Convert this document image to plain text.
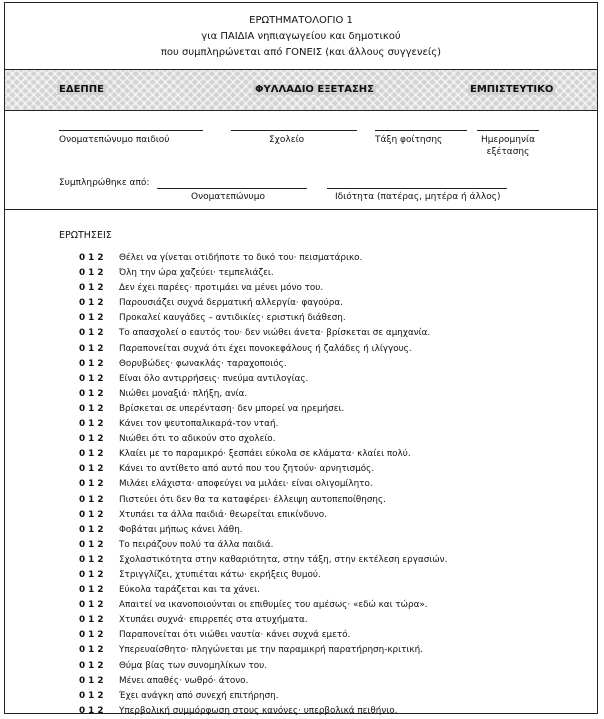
ΕΡΩΤΗΜΑΤΟΛΟΓΙΟ 1
για ΠΑΙΔΙΑ νηπιαγωγείου και δημοτικού
που συμπληρώνεται από ΓΟΝΕΙΣ (και άλλους συγγενείς)
ΕΔΕΠΠΕ	ΦΥΛΛΑΔΙΟ ΕΞΕΤΑΣΗΣ	ΕΜΠΙΣΤΕΥΤΙΚΟ
Ονοματεπώνυμο παιδιού	Σχολείο	Τάξη φοίτησης	Ημερομηνία
εξέτασης
Συμπληρώθηκε από:
Ονοματεπώνυμο	Ιδιότητα (πατέρας, μητέρα ή άλλος)
ΕΡΩΤΗΣΕΙΣ
0 1 2 Θέλει να γίνεται οτιδήποτε το δικό του· πεισματάρικο.
0 1 2 Όλη την ώρα χαζεύει· τεμπελιάζει.
0 1 2 Δεν έχει παρέες· προτιμάει να μένει μόνο του.
0 1 2 Παρουσιάζει συχνά δερματική αλλεργία· φαγούρα.
0 1 2 Προκαλεί καυγάδες – αντιδικίες· εριστική διάθεση.
0 1 2 Το απασχολεί ο εαυτός του· δεν νιώθει άνετα· βρίσκεται σε αμηχανία.
0 1 2 Παραπονείται συχνά ότι έχει πονοκεφάλους ή ζαλάδες ή ιλίγγους.
0 1 2 Θορυβώδες· φωνακλάς· ταραχοποιός.
0 1 2 Είναι όλο αντιρρήσεις· πνεύμα αντιλογίας.
0 1 2 Νιώθει μοναξιά· πλήξη, ανία.
0 1 2 Βρίσκεται σε υπερένταση· δεν μπορεί να ηρεμήσει.
0 1 2 Κάνει τον ψευτοπαλικαρά-τον νταή.
0 1 2 Νιώθει ότι το αδικούν στο σχολείο.
0 1 2 Κλαίει με το παραμικρό· ξεσπάει εύκολα σε κλάματα· κλαίει πολύ.
0 1 2 Κάνει το αντίθετο από αυτό που του ζητούν· αρνητισμός.
0 1 2 Μιλάει ελάχιστα· αποφεύγει να μιλάει· είναι ολιγομίλητο.
0 1 2 Πιστεύει ότι δεν θα τα καταφέρει· έλλειψη αυτοπεποίθησης.
0 1 2 Χτυπάει τα άλλα παιδιά· θεωρείται επικίνδυνο.
0 1 2 Φοβάται μήπως κάνει λάθη.
0 1 2 Το πειράζουν πολύ τα άλλα παιδιά.
0 1 2 Σχολαστικότητα στην καθαριότητα, στην τάξη, στην εκτέλεση εργασιών.
0 1 2 Στριγγλίζει, χτυπιέται κάτω· εκρήξεις θυμού.
0 1 2 Εύκολα ταράζεται και τα χάνει.
0 1 2 Απαιτεί να ικανοποιούνται οι επιθυμίες του αμέσως· «εδώ και τώρα».
0 1 2 Χτυπάει συχνά· επιρρεπές στα ατυχήματα.
0 1 2 Παραπονείται ότι νιώθει ναυτία· κάνει συχνά εμετό.
0 1 2 Υπερευαίσθητο· πληγώνεται με την παραμικρή παρατήρηση-κριτική.
0 1 2 Θύμα βίας των συνομηλίκων του.
0 1 2 Μένει απαθές· νωθρό· άτονο.
0 1 2 Έχει ανάγκη από συνεχή επιτήρηση.
0 1 2 Υπερβολική συμμόρφωση στους κανόνες· υπερβολικά πειθήνιο.
